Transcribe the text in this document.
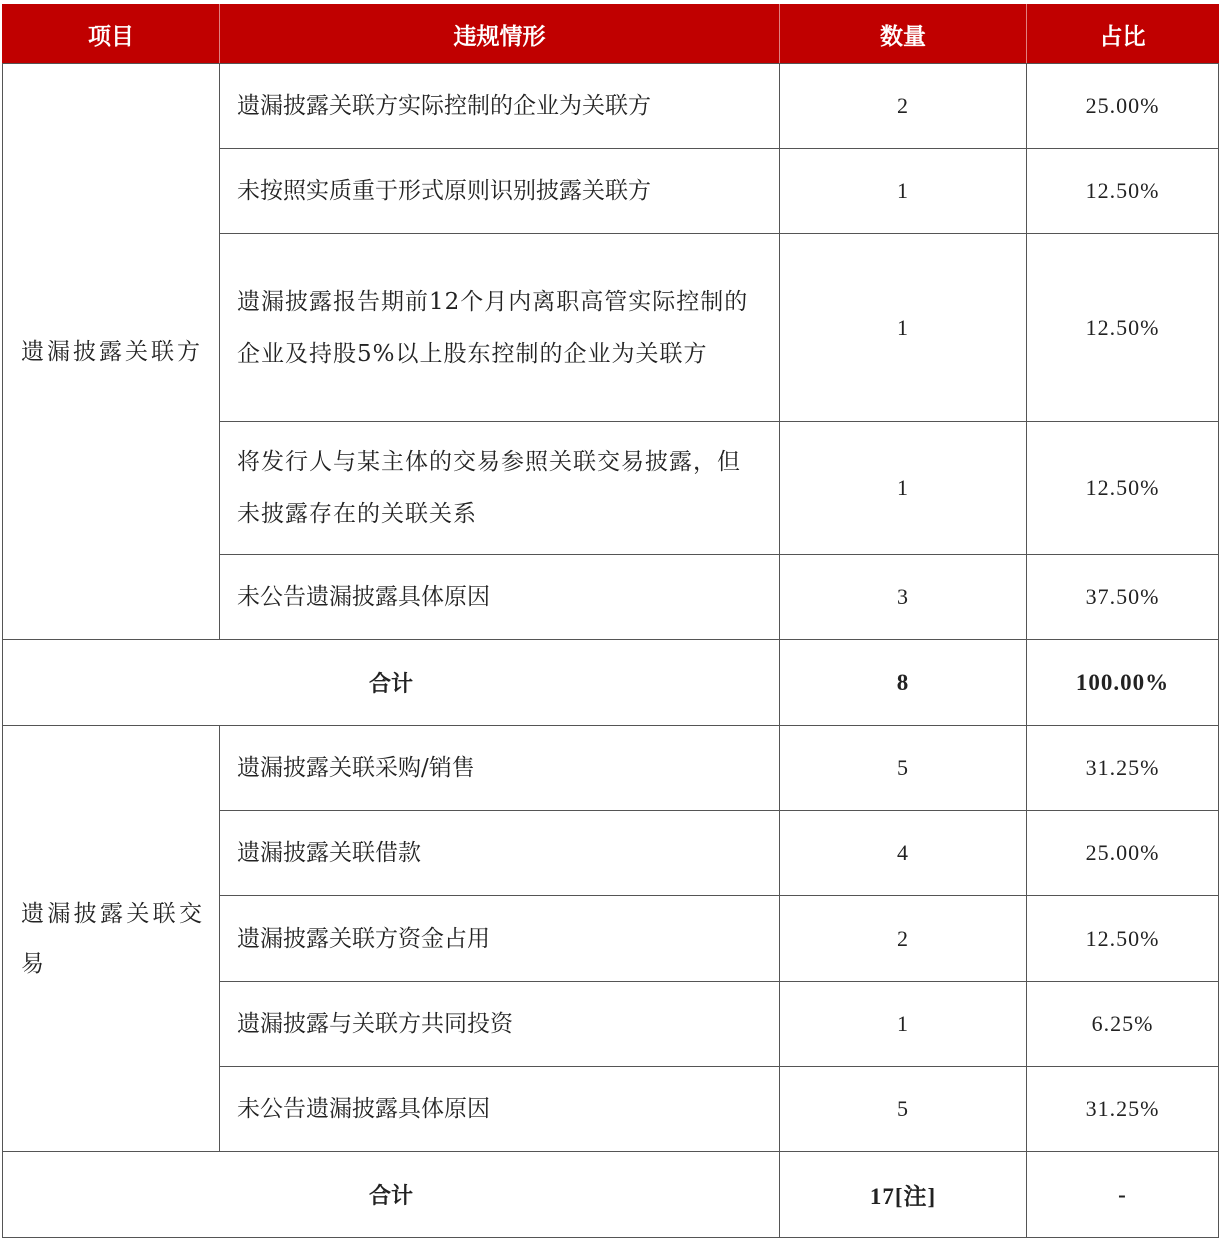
项目	违规情形	数量	占比
遗漏披露关联方	遗漏披露关联方实际控制的企业为关联方	2	25.00%
	未按照实质重于形式原则识别披露关联方	1	12.50%
	遗漏披露报告期前12个月内离职高管实际控制的企业及持股5%以上股东控制的企业为关联方	1	12.50%
	将发行人与某主体的交易参照关联交易披露，但未披露存在的关联关系	1	12.50%
	未公告遗漏披露具体原因	3	37.50%
合计		8	100.00%
遗漏披露关联交易	遗漏披露关联采购/销售	5	31.25%
	遗漏披露关联借款	4	25.00%
	遗漏披露关联方资金占用	2	12.50%
	遗漏披露与关联方共同投资	1	6.25%
	未公告遗漏披露具体原因	5	31.25%
合计		17[注]	-
